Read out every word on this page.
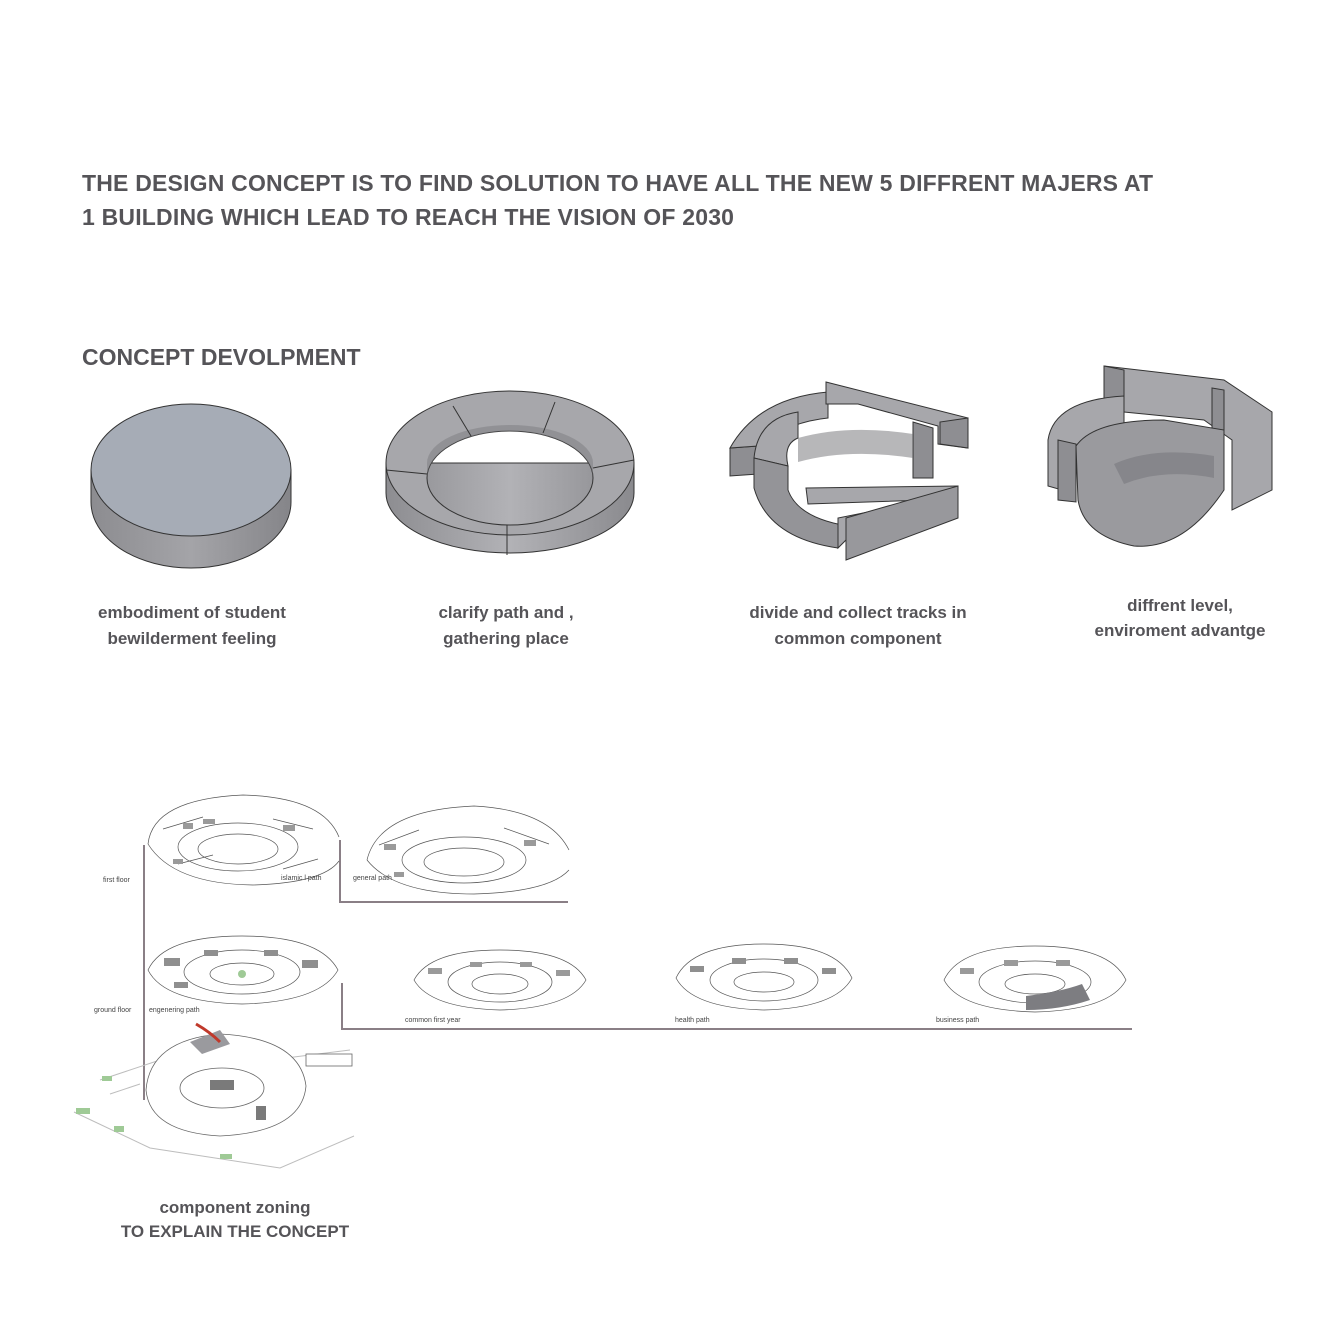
THE DESIGN CONCEPT IS TO FIND SOLUTION TO HAVE ALL THE NEW 5 DIFFRENT MAJERS AT
1 BUILDING WHICH LEAD TO REACH THE VISION OF 2030
CONCEPT DEVOLPMENT
embodiment of student
bewilderment feeling
clarify path and ,
gathering place
divide and collect tracks in
common component
diffrent level,
enviroment advantge
first floor	islamic l path	general path
ground floor	engenering path
common first year	health path	business path
component zoning
TO EXPLAIN THE CONCEPT
